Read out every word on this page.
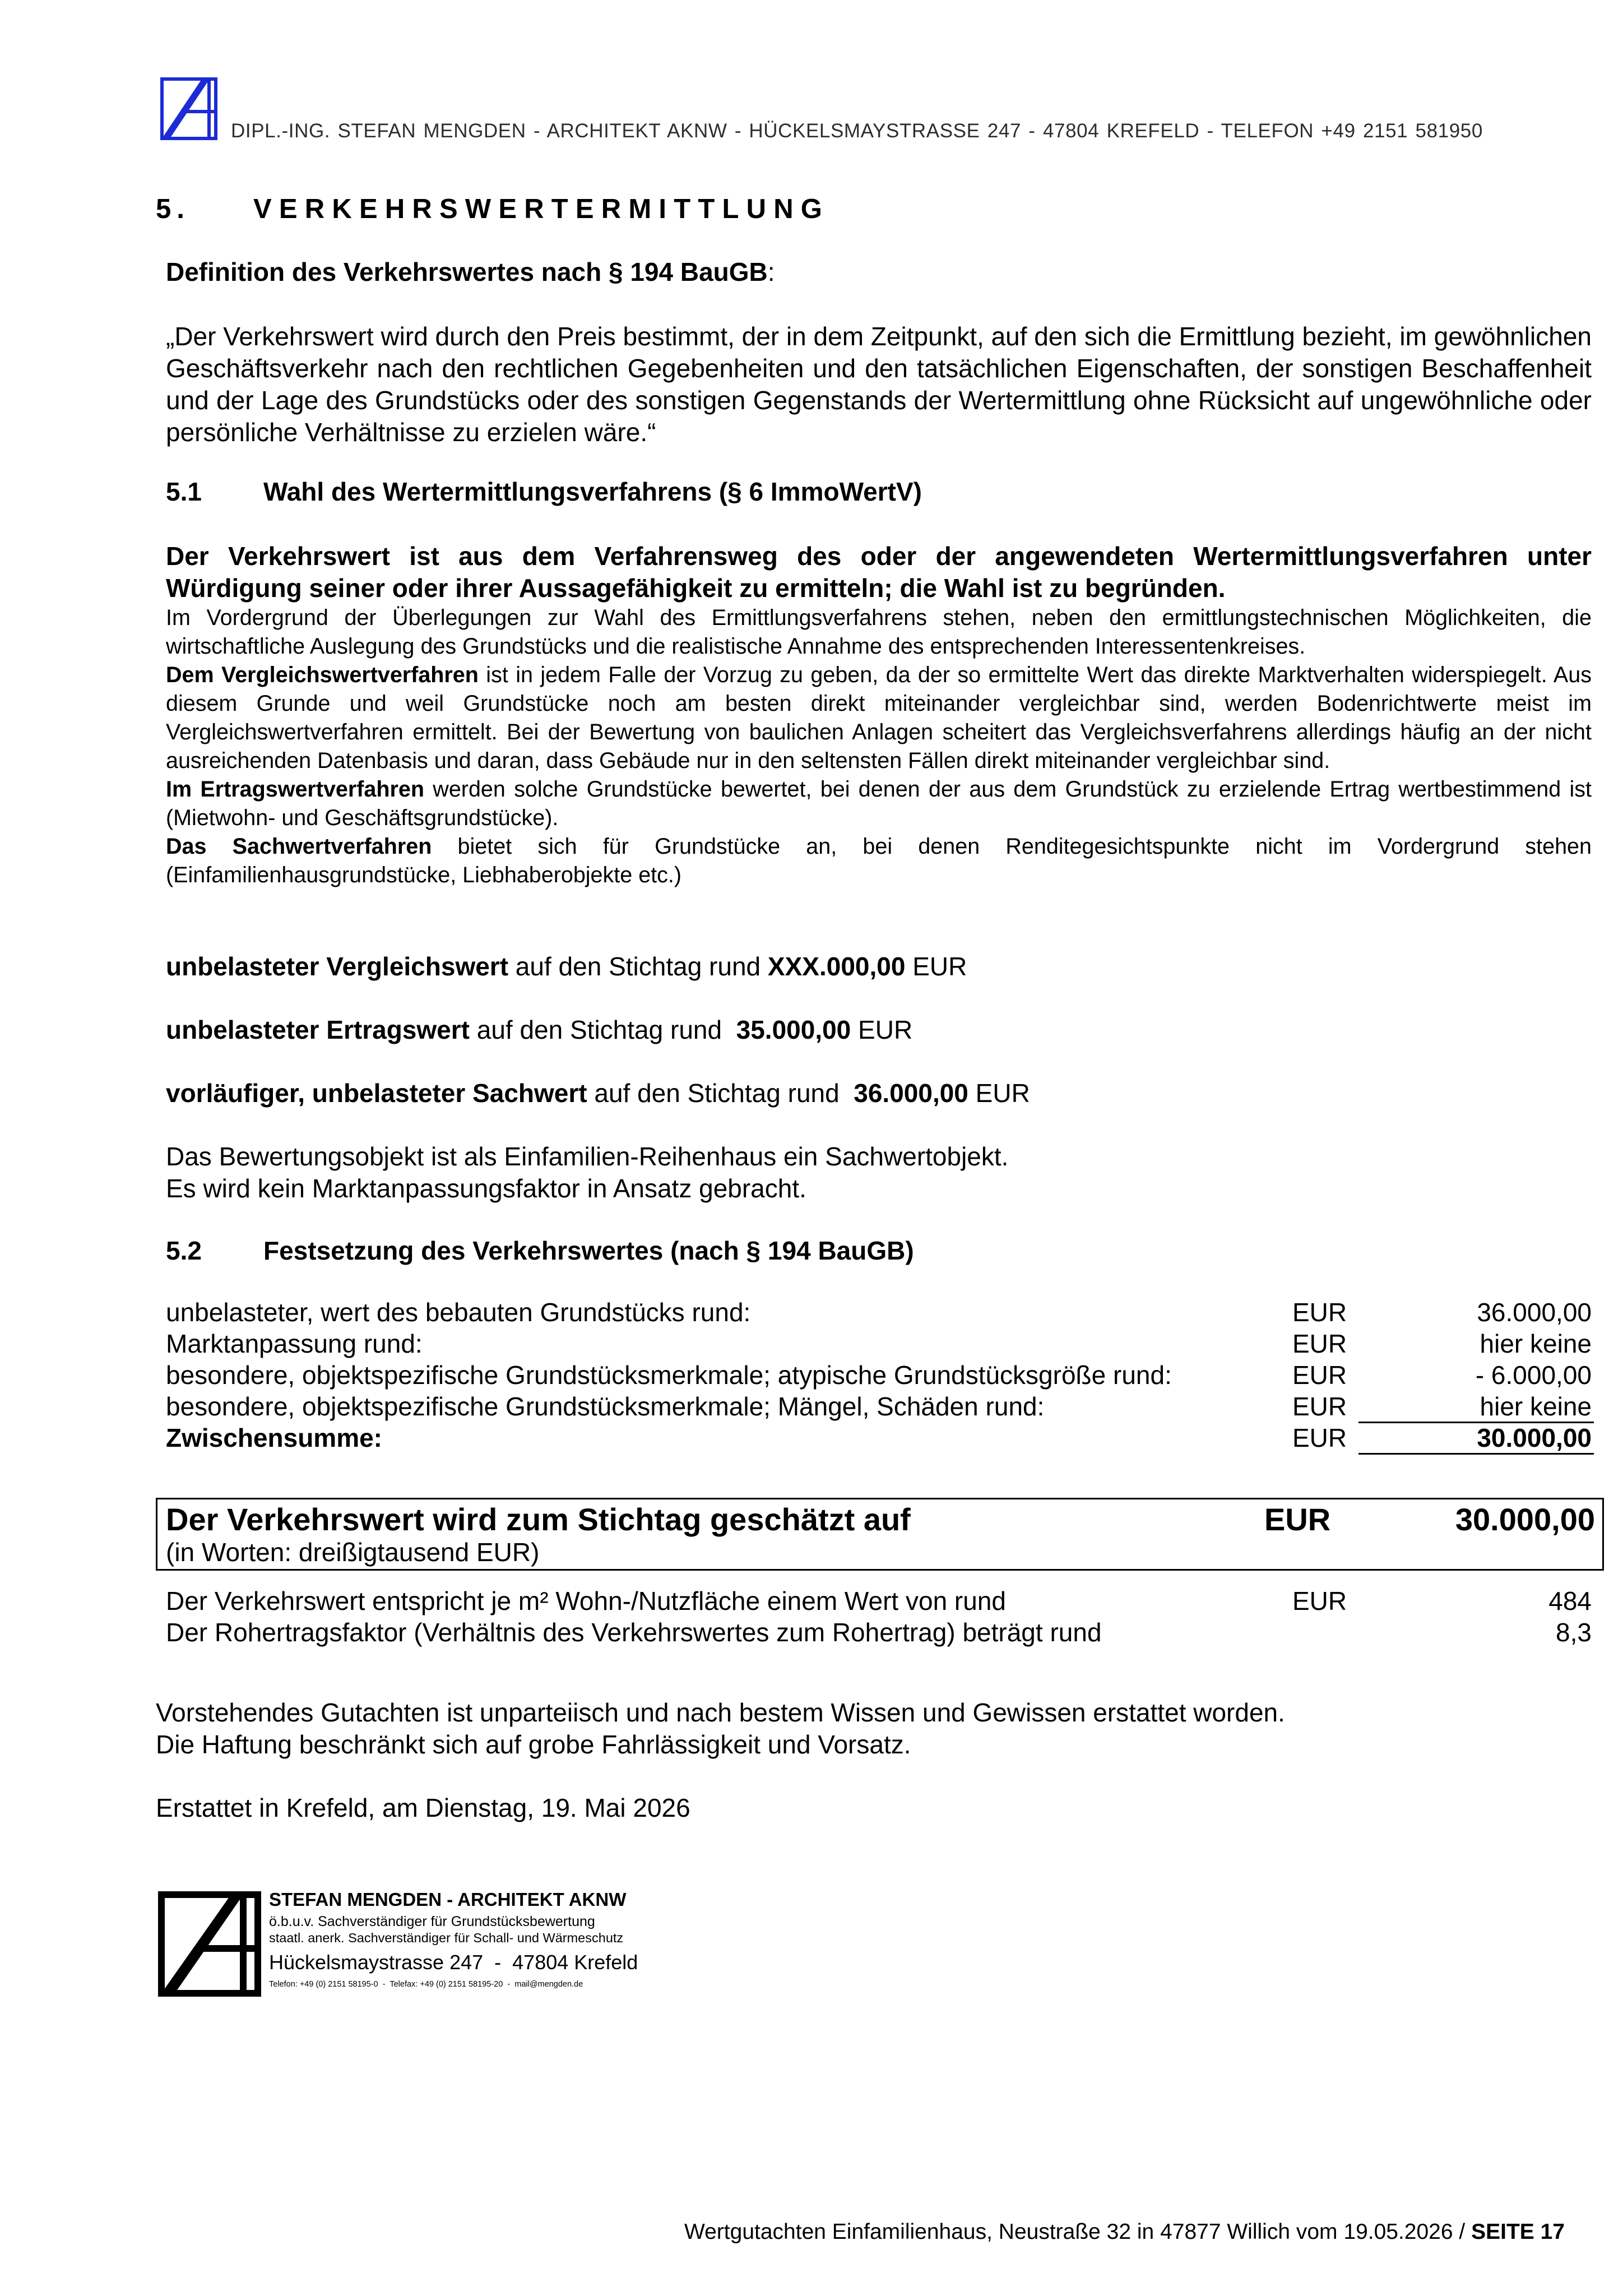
DIPL.-ING. STEFAN MENGDEN - ARCHITEKT AKNW - HÜCKELSMAYSTRASSE 247 - 47804 KREFELD - TELEFON +49 2151 581950
5. VERKEHRSWERTERMITTLUNG
Definition des Verkehrswertes nach § 194 BauGB:
„Der Verkehrswert wird durch den Preis bestimmt, der in dem Zeitpunkt, auf den sich die Ermittlung bezieht, im gewöhnlichen Geschäftsverkehr nach den rechtlichen Gegebenheiten und den tatsächlichen Eigenschaften, der sonstigen Beschaffenheit und der Lage des Grundstücks oder des sonstigen Gegenstands der Wertermittlung ohne Rücksicht auf ungewöhnliche oder persönliche Verhältnisse zu erzielen wäre.“
5.1 Wahl des Wertermittlungsverfahrens (§ 6 ImmoWertV)
Der Verkehrswert ist aus dem Verfahrensweg des oder der angewendeten Wertermittlungsverfahren unter Würdigung seiner oder ihrer Aussagefähigkeit zu ermitteln; die Wahl ist zu begründen.
Im Vordergrund der Überlegungen zur Wahl des Ermittlungsverfahrens stehen, neben den ermittlungstechnischen Möglichkeiten, die wirtschaftliche Auslegung des Grundstücks und die realistische Annahme des entsprechenden Interessentenkreises.
Dem Vergleichswertverfahren ist in jedem Falle der Vorzug zu geben, da der so ermittelte Wert das direkte Marktverhalten widerspiegelt. Aus diesem Grunde und weil Grundstücke noch am besten direkt miteinander vergleichbar sind, werden Bodenrichtwerte meist im Vergleichswertverfahren ermittelt. Bei der Bewertung von baulichen Anlagen scheitert das Vergleichsverfahrens allerdings häufig an der nicht ausreichenden Datenbasis und daran, dass Gebäude nur in den seltensten Fällen direkt miteinander vergleichbar sind.
Im Ertragswertverfahren werden solche Grundstücke bewertet, bei denen der aus dem Grundstück zu erzielende Ertrag wertbestimmend ist (Mietwohn- und Geschäftsgrundstücke).
Das Sachwertverfahren bietet sich für Grundstücke an, bei denen Renditegesichtspunkte nicht im Vordergrund stehen (Einfamilienhausgrundstücke, Liebhaberobjekte etc.)
unbelasteter Vergleichswert auf den Stichtag rund XXX.000,00 EUR
unbelasteter Ertragswert auf den Stichtag rund  35.000,00 EUR
vorläufiger, unbelasteter Sachwert auf den Stichtag rund  36.000,00 EUR
Das Bewertungsobjekt ist als Einfamilien-Reihenhaus ein Sachwertobjekt.
Es wird kein Marktanpassungsfaktor in Ansatz gebracht.
5.2 Festsetzung des Verkehrswertes (nach § 194 BauGB)
unbelasteter, wert des bebauten Grundstücks rund:	EUR	36.000,00
Marktanpassung rund:	EUR	hier keine
besondere, objektspezifische Grundstücksmerkmale; atypische Grundstücksgröße rund:	EUR	- 6.000,00
besondere, objektspezifische Grundstücksmerkmale; Mängel, Schäden rund:	EUR	hier keine
Zwischensumme:	EUR	30.000,00
Der Verkehrswert wird zum Stichtag geschätzt auf	EUR	30.000,00
(in Worten: dreißigtausend EUR)
Der Verkehrswert entspricht je m² Wohn-/Nutzfläche einem Wert von rund	EUR	484
Der Rohertragsfaktor (Verhältnis des Verkehrswertes zum Rohertrag) beträgt rund	8,3
Vorstehendes Gutachten ist unparteiisch und nach bestem Wissen und Gewissen erstattet worden.
Die Haftung beschränkt sich auf grobe Fahrlässigkeit und Vorsatz.
Erstattet in Krefeld, am Dienstag, 19. Mai 2026
STEFAN MENGDEN - ARCHITEKT AKNW
ö.b.u.v. Sachverständiger für Grundstücksbewertung
staatl. anerk. Sachverständiger für Schall- und Wärmeschutz
Hückelsmaystrasse 247  -  47804 Krefeld
Telefon: +49 (0) 2151 58195-0  -  Telefax: +49 (0) 2151 58195-20  -  mail@mengden.de
Wertgutachten Einfamilienhaus, Neustraße 32 in 47877 Willich vom 19.05.2026 / SEITE 17
